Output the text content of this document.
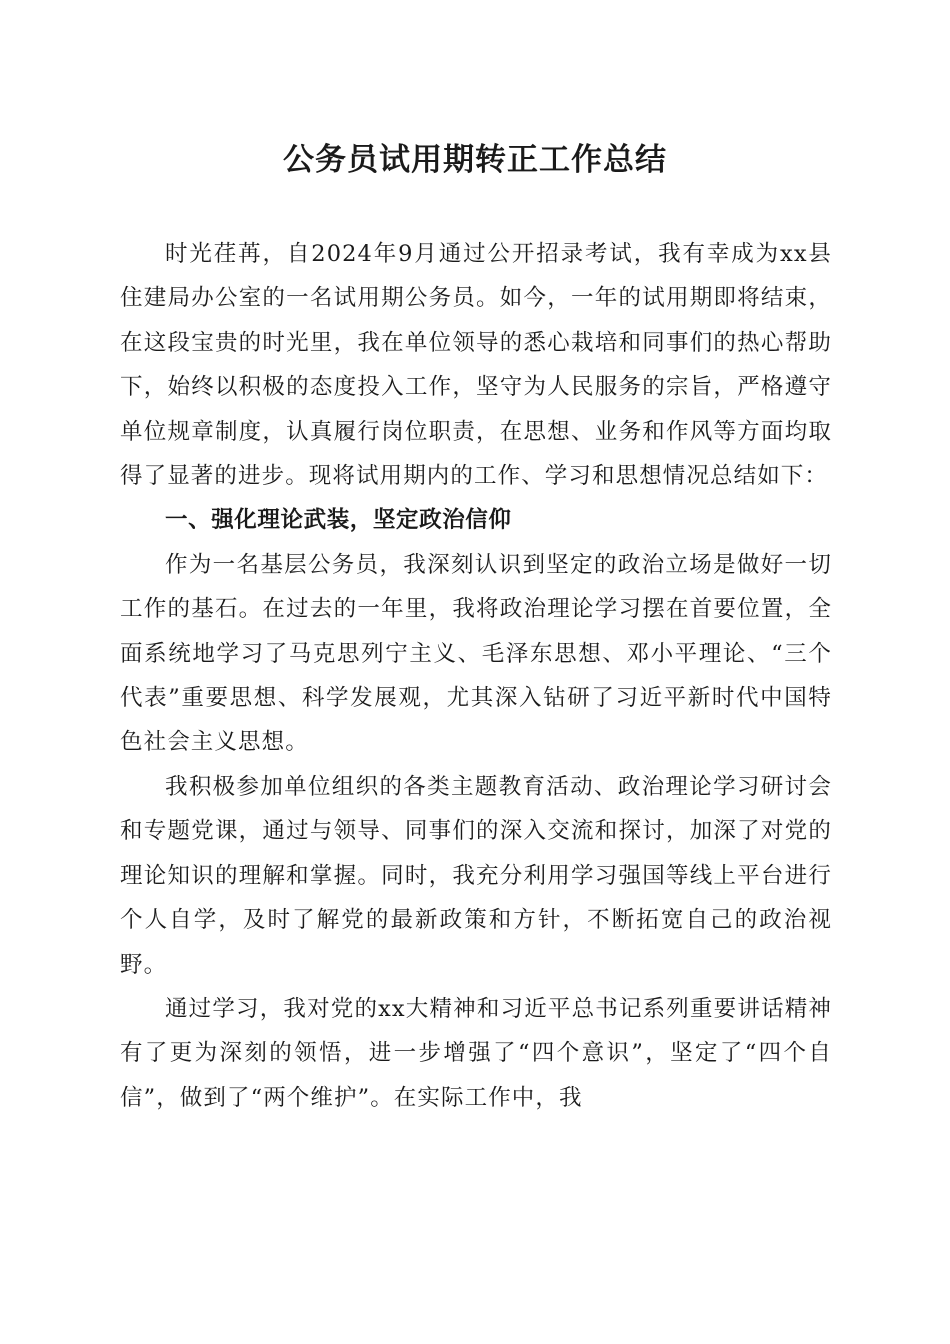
公务员试用期转正工作总结

时光荏苒，自2024年9月通过公开招录考试，我有幸成为xx县住建局办公室的一名试用期公务员。如今，一年的试用期即将结束，在这段宝贵的时光里，我在单位领导的悉心栽培和同事们的热心帮助下，始终以积极的态度投入工作，坚守为人民服务的宗旨，严格遵守单位规章制度，认真履行岗位职责，在思想、业务和作风等方面均取得了显著的进步。现将试用期内的工作、学习和思想情况总结如下：

一、强化理论武装，坚定政治信仰

作为一名基层公务员，我深刻认识到坚定的政治立场是做好一切工作的基石。在过去的一年里，我将政治理论学习摆在首要位置，全面系统地学习了马克思列宁主义、毛泽东思想、邓小平理论、“三个代表”重要思想、科学发展观，尤其深入钻研了习近平新时代中国特色社会主义思想。

我积极参加单位组织的各类主题教育活动、政治理论学习研讨会和专题党课，通过与领导、同事们的深入交流和探讨，加深了对党的理论知识的理解和掌握。同时，我充分利用学习强国等线上平台进行个人自学，及时了解党的最新政策和方针，不断拓宽自己的政治视野。

通过学习，我对党的xx大精神和习近平总书记系列重要讲话精神有了更为深刻的领悟，进一步增强了“四个意识”，坚定了“四个自信”，做到了“两个维护”。在实际工作中，我
